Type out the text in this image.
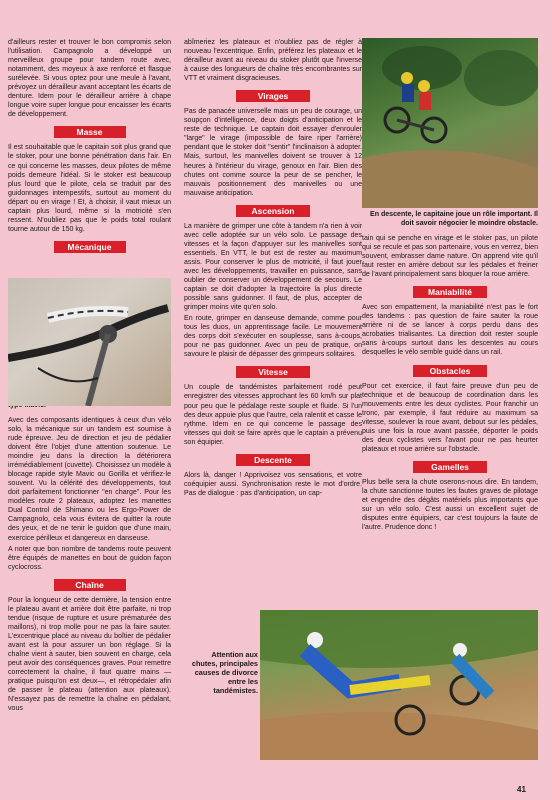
d'ailleurs rester et trouver le bon compromis selon l'utilisation. Campagnolo a développé un merveilleux groupe pour tandem route avec, notamment, des moyeux à axe renforcé et flasque surélevée. Si vous optez pour une meule à l'avant, prévoyez un dérailleur avant acceptant les écarts de denture. Idem pour le dérailleur arrière à chape longue voire super longue pour encaisser les écarts de développement.
Masse
Il est souhaitable que le capitain soit plus grand que le stoker, pour une bonne pénétration dans l'air. En ce qui concerne les masses, deux pilotes de même poids demeure l'idéal. Si le stoker est beaucoup plus lourd que le pilote, cela se traduit par des guidonnages intempestifs, surtout au moment du départ ou en virage ! Et, à choisir, il vaut mieux un captain plus lourd, même si la motricité s'en ressent. N'oubliez pas que le poids total roulant tourne autour de 150 kg.
Mécanique
Avec des composants identiques à ceux d'un vélo solo, la mécanique sur un tandem est soumise à rude épreuve. Jeu de direction et jeu de pédalier doivent être l'objet d'une attention soutenue. Le moindre jeu dans la direction la détériorera irrémédiablement (cuvette). Choisissez un modèle à blocage rapide style Mavic ou Gorilla et vérifiez-le souvent. Vu la célérité des développements, tout doit parfaitement fonctionner "en charge". Pour les modèles route 2 plateaux, adoptez les manettes Dual Control de Shimano ou les Ergo-Power de Campagnolo, cela vous évitera de quitter la route des yeux, et de ne tenir le guidon que d'une main, exercice périlleux et dangereux en danseuse.
A noter que bon nombre de tandems route peuvent être équipés de manettes en bout de guidon façon cyclocross.
Chaîne
Pour la longueur de cette dernière, la tension entre le plateau avant et arrière doit être parfaite, ni trop tendue (risque de rupture et usure prématurée des maillons), ni trop molle pour ne pas la faire sauter. L'excentrique placé au niveau du boîtier de pédalier avant est là pour assurer un bon réglage. Si la chaîne vient à sauter, bien souvent en charge, cela peut avoir des conséquences graves. Pour remettre correctement la chaîne, il faut quatre mains —pratique puisqu'on est deux—, et rétropédaler afin de passer le plateau (attention aux plateaux). N'essayez pas de remettre la chaîne en pédalant, vous
abîmeriez les plateaux et n'oubliez pas de régler à nouveau l'excentrique. Enfin, préférez les plateaux et le dérailleur avant au niveau du stoker plutôt que l'inverse à cause des longueurs de chaîne très encombrantes sur VTT et vraiment disgracieuses.
Virages
Pas de panacée universelle mais un peu de courage, un soupçon d'intelligence, deux doigts d'anticipation et le reste de technique. Le captain doit essayer d'enrouler "large" le virage (impossible de faire riper l'arrière) pendant que le stoker doit "sentir" l'inclinaison à adopter. Mais, surtout, les manivelles doivent se trouver à 12 heures à l'intérieur du virage, genoux en l'air. Bien des chutes ont comme source la peur de se pencher, le mauvais positionnement des manivelles ou une mauvaise anticipation.
Ascension
La manière de grimper une côte à tandem n'a rien à voir avec celle adoptée sur un vélo solo. Le passage des vitesses et la façon d'appuyer sur les manivelles sont essentiels. En VTT, le but est de rester au maximum assis. Pour conserver le plus de motricité, il faut jouer avec les développements, travailler en puissance, sans oublier de conserver un développement de secours. Le captain se doit d'adopter la trajectoire la plus directe possible sans guidonner. Il faut, de plus, accepter de grimper moins vite qu'en solo.
En route, grimper en danseuse demande, comme pour tous les duos, un apprentissage facile. Le mouvement des corps doit s'exécuter en souplesse, sans à-coups, pour ne pas guidonner. Avec un peu de pratique, on savoure le plaisir de dépasser des grimpeurs solitaires.
Vitesse
Un couple de tandémistes parfaitement rodé peut enregistrer des vitesses approchant les 60 km/h sur plat pour peu que le pédalage reste souple et fluide. Si l'un des deux appuie plus que l'autre, cela ralentit et casse le rythme. Idem en ce qui concerne le passage des vitesses qui doit se faire après que le captain a prévenu son équipier.
Descente
Alors là, danger ! Apprivoisez vos sensations, et votre coéquipier aussi. Synchronisation reste le mot d'ordre. Pas de dialogue : pas d'anticipation, un cap-
En descente, le capitaine joue un rôle important. Il doit savoir négocier le moindre obstacle.
tain qui se penche en virage et le stoker pas, un pilote qui se recule et pas son partenaire, vous en verrez, bien souvent, embrasser dame nature. On apprend vite qu'il faut rester en arrière debout sur les pédales et freiner de l'avant principalement sans bloquer la roue arrière.
Maniabilité
Avec son empattement, la maniabilité n'est pas le fort des tandems : pas question de faire sauter la roue arrière ni de se lancer à corps perdu dans des acrobaties trialisantes. La direction doit rester souple sans à-coups surtout dans les descentes au cours desquelles le vélo semble guidé dans un rail.
Obstacles
Pour cet exercice, il faut faire preuve d'un peu de technique et de beaucoup de coordination dans les mouvements entre les deux cyclistes. Pour franchir un tronc, par exemple, il faut réduire au maximum sa vitesse, soulever la roue avant, debout sur les pédales, puis une fois la roue avant passée, déporter le poids des deux cyclistes vers l'avant pour ne pas heurter plateaux et roue arrière sur l'obstacle.
Gamelles
Plus belle sera la chute oserons-nous dire. En tandem, la chute sanctionne toutes les fautes graves de pilotage et engendre des dégâts matériels plus importants que sur un vélo solo. C'est aussi un excellent sujet de disputes entre équipiers, car c'est toujours la faute de l'autre. Prudence donc !
Attention aux chutes, principales causes de divorce entre les tandémistes.
41
